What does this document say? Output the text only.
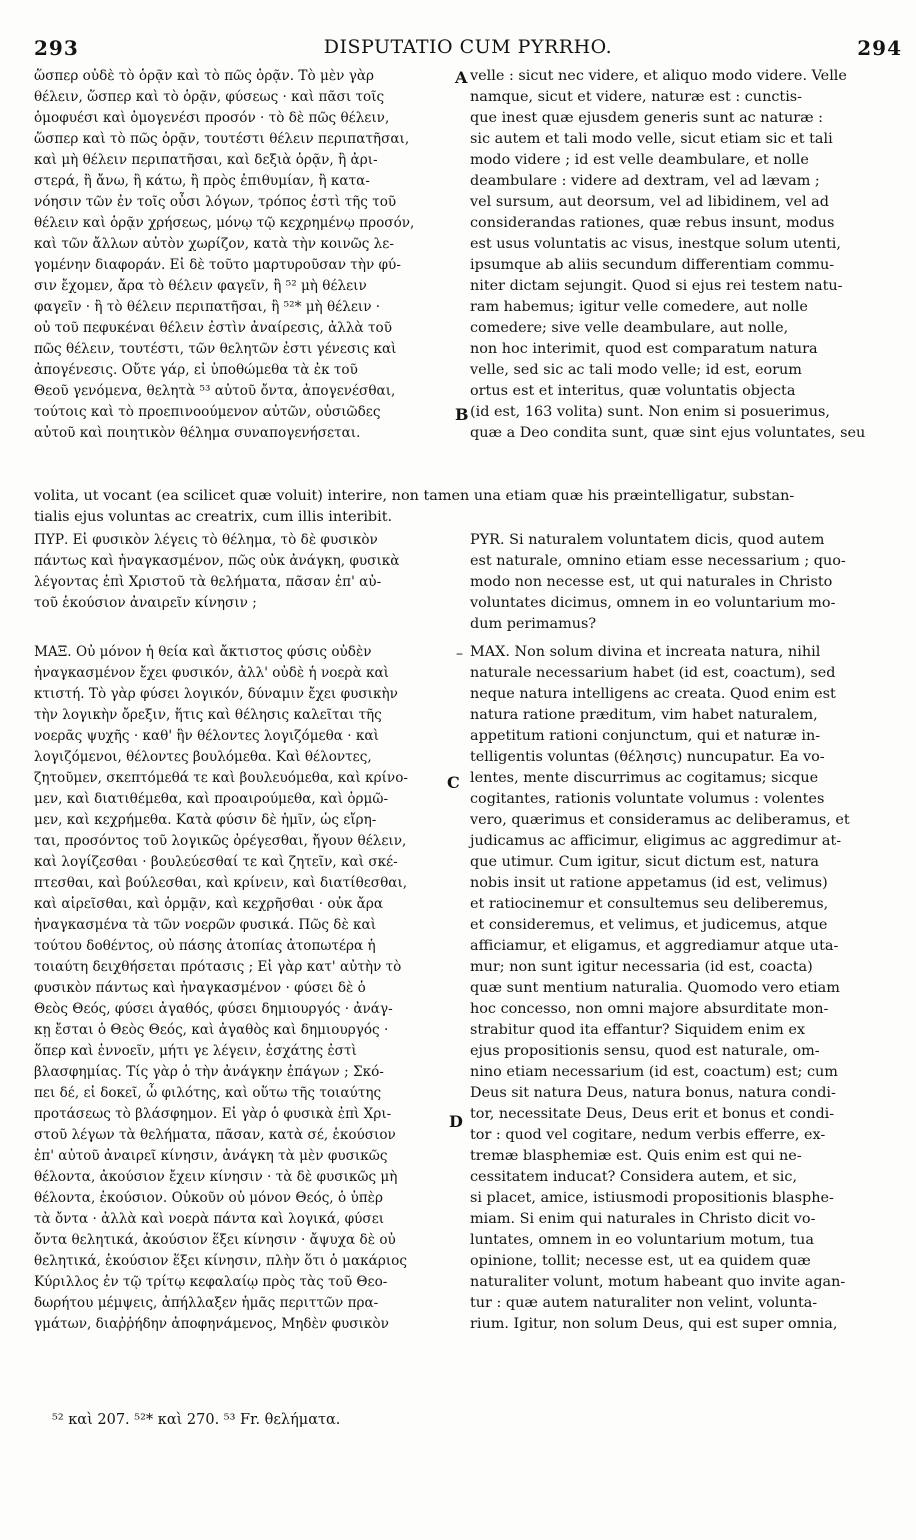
293	DISPUTATIO CUM PYRRHO.	294
ὥσπερ οὐδὲ τὸ ὁρᾷν καὶ τὸ πῶς ὁρᾷν. Τὸ μὲν γὰρ
θέλειν, ὥσπερ καὶ τὸ ὁρᾷν, φύσεως · καὶ πᾶσι τοῖς
ὁμοφυέσι καὶ ὁμογενέσι προσόν · τὸ δὲ πῶς θέλειν,
ὥσπερ καὶ τὸ πῶς ὁρᾷν, τουτέστι θέλειν περιπατῆσαι,
καὶ μὴ θέλειν περιπατῆσαι, καὶ δεξιὰ ὁρᾷν, ἢ ἀρι-
στερά, ἢ ἄνω, ἢ κάτω, ἢ πρὸς ἐπιθυμίαν, ἢ κατα-
νόησιν τῶν ἐν τοῖς οὖσι λόγων, τρόπος ἐστὶ τῆς τοῦ
θέλειν καὶ ὁρᾷν χρήσεως, μόνῳ τῷ κεχρημένῳ προσόν,
καὶ τῶν ἄλλων αὐτὸν χωρίζον, κατὰ τὴν κοινῶς λε-
γομένην διαφοράν. Εἰ δὲ τοῦτο μαρτυροῦσαν τὴν φύ-
σιν ἔχομεν, ἄρα τὸ θέλειν φαγεῖν, ἢ ⁵² μὴ θέλειν
φαγεῖν · ἢ τὸ θέλειν περιπατῆσαι, ἢ ⁵²* μὴ θέλειν ·
οὐ τοῦ πεφυκέναι θέλειν ἐστὶν ἀναίρεσις, ἀλλὰ τοῦ
πῶς θέλειν, τουτέστι, τῶν θελητῶν ἐστι γένεσις καὶ
ἀπογένεσις. Οὔτε γάρ, εἰ ὑποθώμεθα τὰ ἐκ τοῦ
Θεοῦ γενόμενα, θελητὰ ⁵³ αὐτοῦ ὄντα, ἀπογενέσθαι,
τούτοις καὶ τὸ προεπινοούμενον αὐτῶν, οὐσιῶδες
αὐτοῦ καὶ ποιητικὸν θέλημα συναπογενήσεται.
velle : sicut nec videre, et aliquo modo videre. Velle
namque, sicut et videre, naturæ est : cunctis-
que inest quæ ejusdem generis sunt ac naturæ :
sic autem et tali modo velle, sicut etiam sic et tali
modo videre ; id est velle deambulare, et nolle
deambulare : videre ad dextram, vel ad lævam ;
vel sursum, aut deorsum, vel ad libidinem, vel ad
considerandas rationes, quæ rebus insunt, modus
est usus voluntatis ac visus, inestque solum utenti,
ipsumque ab aliis secundum differentiam commu-
niter dictam sejungit. Quod si ejus rei testem natu-
ram habemus; igitur velle comedere, aut nolle
comedere; sive velle deambulare, aut nolle,
non hoc interimit, quod est comparatum natura
velle, sed sic ac tali modo velle; id est, eorum
ortus est et interitus, quæ voluntatis objecta
(id est, 163 volita) sunt. Non enim si posuerimus,
quæ a Deo condita sunt, quæ sint ejus voluntates, seu
A
B
volita, ut vocant (ea scilicet quæ voluit) interire, non tamen una etiam quæ his præintelligatur, substan-
tialis ejus voluntas ac creatrix, cum illis interibit.
ΠΥΡ. Εἰ φυσικὸν λέγεις τὸ θέλημα, τὸ δὲ φυσικὸν
πάντως καὶ ἠναγκασμένον, πῶς οὐκ ἀνάγκη, φυσικὰ
λέγοντας ἐπὶ Χριστοῦ τὰ θελήματα, πᾶσαν ἐπ' αὐ-
τοῦ ἑκούσιον ἀναιρεῖν κίνησιν ;
PYR. Si naturalem voluntatem dicis, quod autem
est naturale, omnino etiam esse necessarium ; quo-
modo non necesse est, ut qui naturales in Christo
voluntates dicimus, omnem in eo voluntarium mo-
dum perimamus?
–
ΜΑΞ. Οὐ μόνον ἡ θεία καὶ ἄκτιστος φύσις οὐδὲν
ἠναγκασμένον ἔχει φυσικόν, ἀλλ' οὐδὲ ἡ νοερὰ καὶ
κτιστή. Τὸ γὰρ φύσει λογικόν, δύναμιν ἔχει φυσικὴν
τὴν λογικὴν ὄρεξιν, ἥτις καὶ θέλησις καλεῖται τῆς
νοερᾶς ψυχῆς · καθ' ἣν θέλοντες λογιζόμεθα · καὶ
λογιζόμενοι, θέλοντες βουλόμεθα. Καὶ θέλοντες,
ζητοῦμεν, σκεπτόμεθά τε καὶ βουλευόμεθα, καὶ κρίνο-
μεν, καὶ διατιθέμεθα, καὶ προαιρούμεθα, καὶ ὁρμῶ-
μεν, καὶ κεχρήμεθα. Κατὰ φύσιν δὲ ἡμῖν, ὡς εἴρη-
ται, προσόντος τοῦ λογικῶς ὀρέγεσθαι, ἤγουν θέλειν,
καὶ λογίζεσθαι · βουλεύεσθαί τε καὶ ζητεῖν, καὶ σκέ-
πτεσθαι, καὶ βούλεσθαι, καὶ κρίνειν, καὶ διατίθεσθαι,
καὶ αἱρεῖσθαι, καὶ ὁρμᾷν, καὶ κεχρῆσθαι · οὐκ ἄρα
ἠναγκασμένα τὰ τῶν νοερῶν φυσικά. Πῶς δὲ καὶ
τούτου δοθέντος, οὐ πάσης ἀτοπίας ἀτοπωτέρα ἡ
τοιαύτη δειχθήσεται πρότασις ; Εἰ γὰρ κατ' αὐτὴν τὸ
φυσικὸν πάντως καὶ ἠναγκασμένον · φύσει δὲ ὁ
Θεὸς Θεός, φύσει ἀγαθός, φύσει δημιουργός · ἀνάγ-
κῃ ἔσται ὁ Θεὸς Θεός, καὶ ἀγαθὸς καὶ δημιουργός ·
ὅπερ καὶ ἐννοεῖν, μήτι γε λέγειν, ἐσχάτης ἐστὶ
βλασφημίας. Τίς γὰρ ὁ τὴν ἀνάγκην ἐπάγων ; Σκό-
πει δέ, εἰ δοκεῖ, ὦ φιλότης, καὶ οὕτω τῆς τοιαύτης
προτάσεως τὸ βλάσφημον. Εἰ γὰρ ὁ φυσικὰ ἐπὶ Χρι-
στοῦ λέγων τὰ θελήματα, πᾶσαν, κατὰ σέ, ἑκούσιον
ἐπ' αὐτοῦ ἀναιρεῖ κίνησιν, ἀνάγκη τὰ μὲν φυσικῶς
θέλοντα, ἀκούσιον ἔχειν κίνησιν · τὰ δὲ φυσικῶς μὴ
θέλοντα, ἑκούσιον. Οὐκοῦν οὐ μόνον Θεός, ὁ ὑπὲρ
τὰ ὄντα · ἀλλὰ καὶ νοερὰ πάντα καὶ λογικά, φύσει
ὄντα θελητικά, ἀκούσιον ἕξει κίνησιν · ἄψυχα δὲ οὐ
θελητικά, ἑκούσιον ἕξει κίνησιν, πλὴν ὅτι ὁ μακάριος
Κύριλλος ἐν τῷ τρίτῳ κεφαλαίῳ πρὸς τὰς τοῦ Θεο-
δωρήτου μέμψεις, ἀπήλλαξεν ἡμᾶς περιττῶν πρα-
γμάτων, διαῤῥήδην ἀποφηνάμενος, Μηδὲν φυσικὸν
MAX. Non solum divina et increata natura, nihil
naturale necessarium habet (id est, coactum), sed
neque natura intelligens ac creata. Quod enim est
natura ratione præditum, vim habet naturalem,
appetitum rationi conjunctum, qui et naturæ in-
telligentis voluntas (θέλησις) nuncupatur. Ea vo-
lentes, mente discurrimus ac cogitamus; sicque
cogitantes, rationis voluntate volumus : volentes
vero, quærimus et consideramus ac deliberamus, et
judicamus ac afficimur, eligimus ac aggredimur at-
que utimur. Cum igitur, sicut dictum est, natura
nobis insit ut ratione appetamus (id est, velimus)
et ratiocinemur et consultemus seu deliberemus,
et consideremus, et velimus, et judicemus, atque
afficiamur, et eligamus, et aggrediamur atque uta-
mur; non sunt igitur necessaria (id est, coacta)
quæ sunt mentium naturalia. Quomodo vero etiam
hoc concesso, non omni majore absurditate mon-
strabitur quod ita effantur? Siquidem enim ex
ejus propositionis sensu, quod est naturale, om-
nino etiam necessarium (id est, coactum) est; cum
Deus sit natura Deus, natura bonus, natura condi-
tor, necessitate Deus, Deus erit et bonus et condi-
tor : quod vel cogitare, nedum verbis efferre, ex-
tremæ blasphemiæ est. Quis enim est qui ne-
cessitatem inducat? Considera autem, et sic,
si placet, amice, istiusmodi propositionis blasphe-
miam. Si enim qui naturales in Christo dicit vo-
luntates, omnem in eo voluntarium motum, tua
opinione, tollit; necesse est, ut ea quidem quæ
naturaliter volunt, motum habeant quo invite agan-
tur : quæ autem naturaliter non velint, volunta-
rium. Igitur, non solum Deus, qui est super omnia,
C
D
⁵² καὶ 207. ⁵²* καὶ 270. ⁵³ Fr. θελήματα.
